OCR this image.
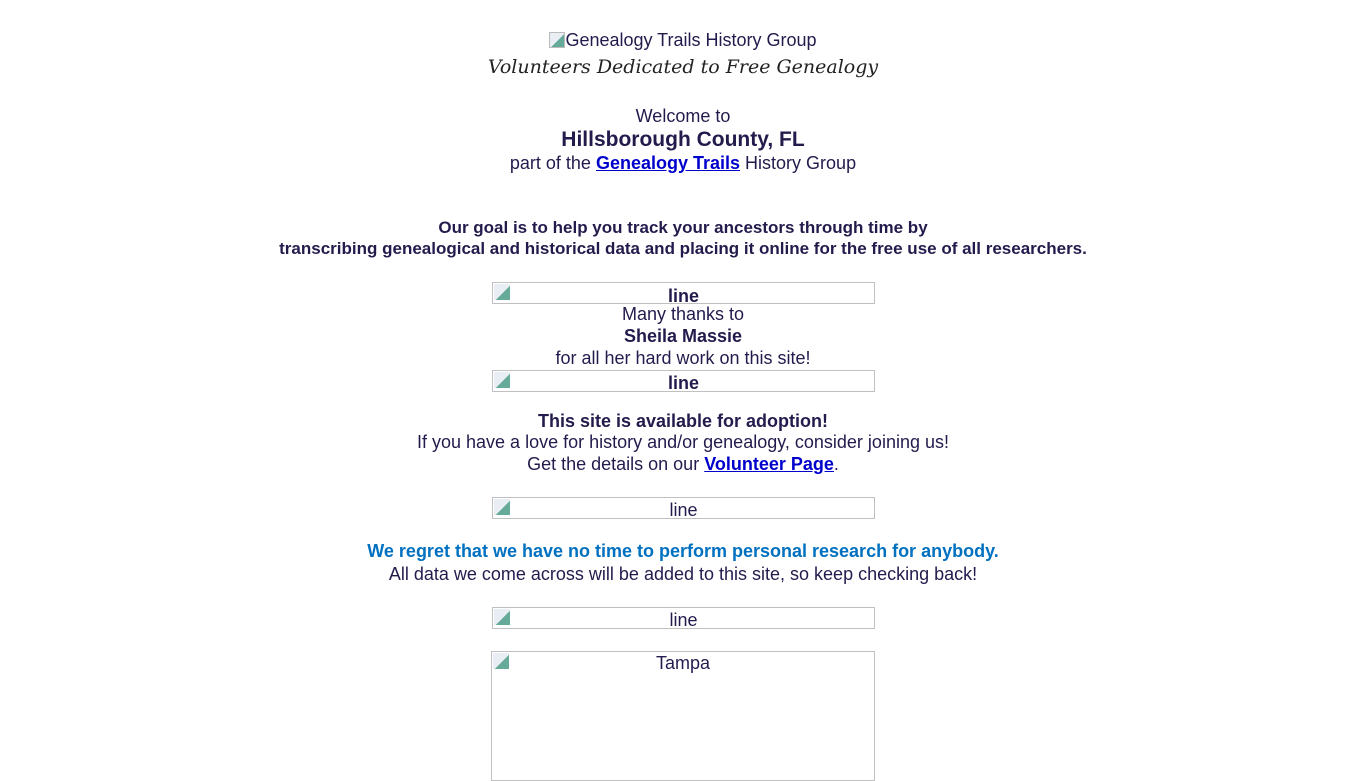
Genealogy Trails History Group
Volunteers Dedicated to Free Genealogy
Welcome to
Hillsborough County, FL
part of the Genealogy Trails History Group
Our goal is to help you track your ancestors through time by
transcribing genealogical and historical data and placing it online for the free use of all researchers.
line
Many thanks to
Sheila Massie
for all her hard work on this site!
line
This site is available for adoption!
If you have a love for history and/or genealogy, consider joining us!
Get the details on our Volunteer Page.
line
We regret that we have no time to perform personal research for anybody.
All data we come across will be added to this site, so keep checking back!
line
Tampa
